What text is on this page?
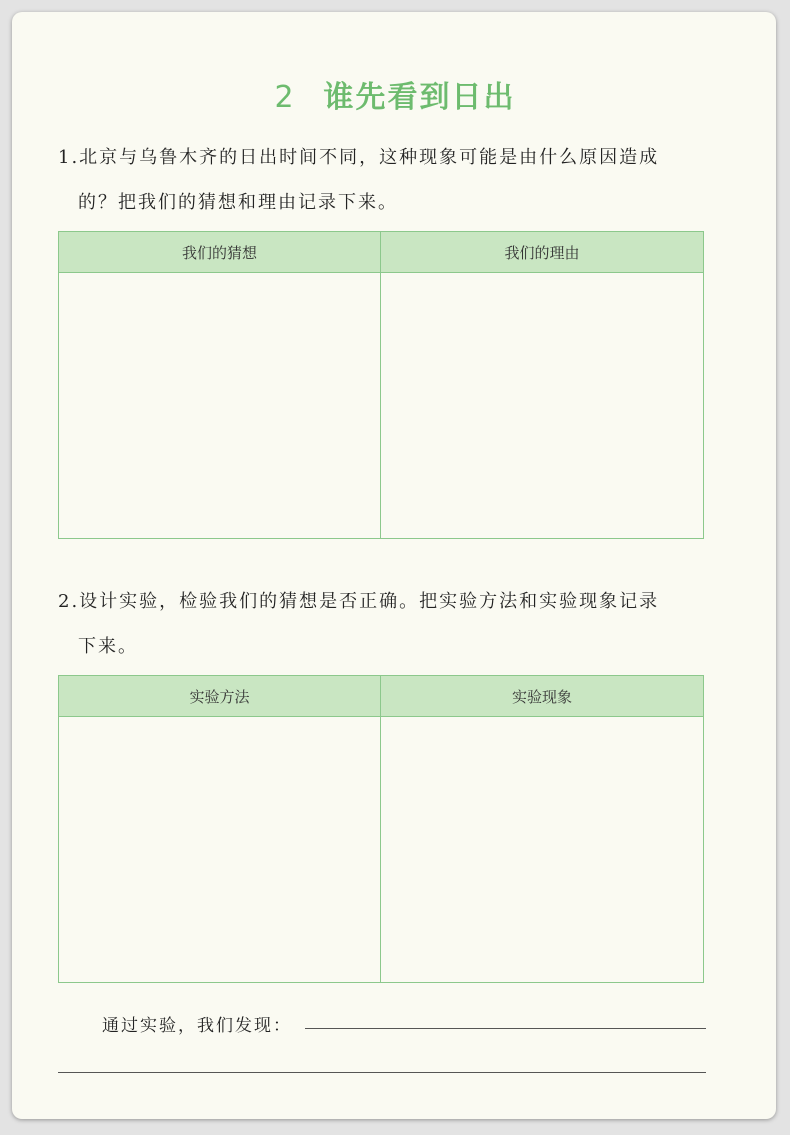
2 谁先看到日出
1.北京与乌鲁木齐的日出时间不同，这种现象可能是由什么原因造成
的？把我们的猜想和理由记录下来。
我们的猜想	我们的理由
2.设计实验，检验我们的猜想是否正确。把实验方法和实验现象记录
下来。
实验方法	实验现象
通过实验，我们发现：
